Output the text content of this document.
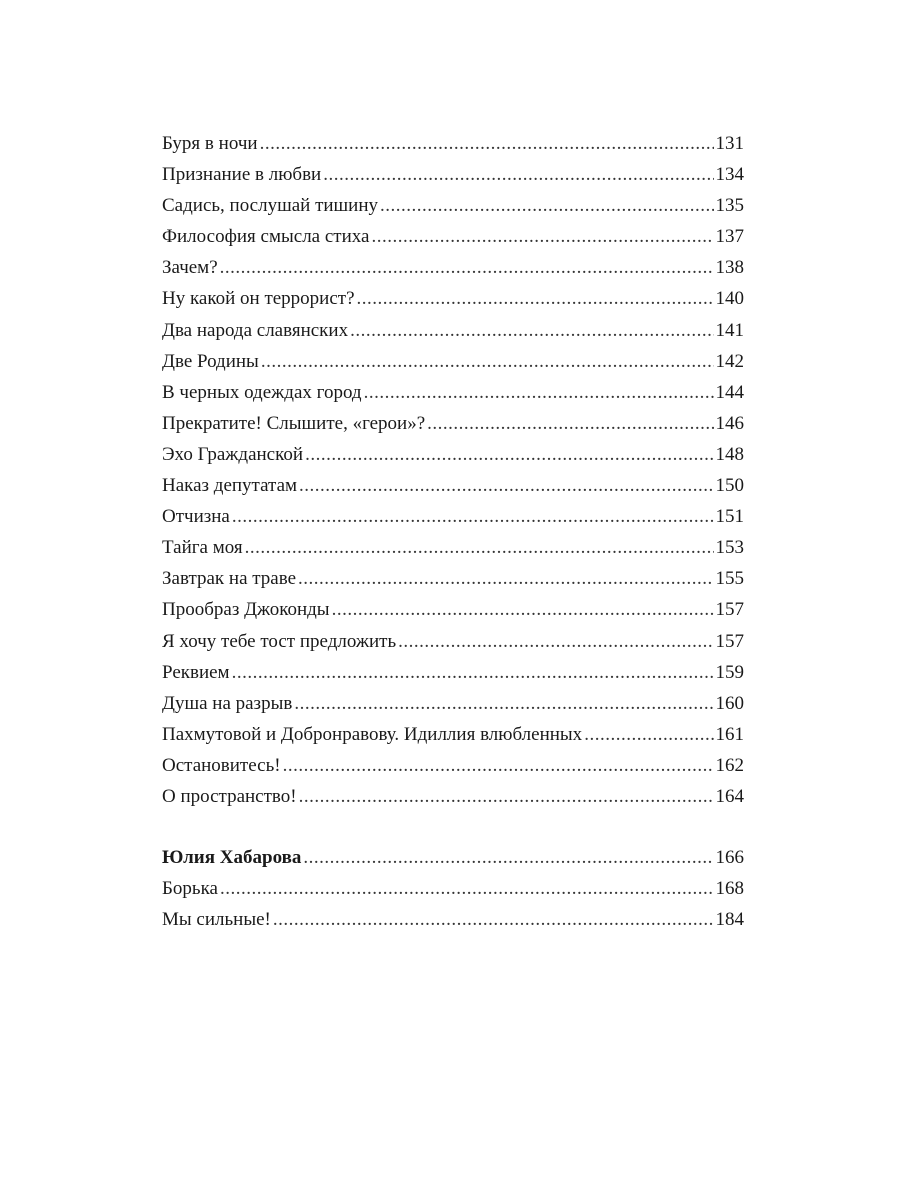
Буря в ночи .....	131
Признание в любви .....	134
Садись, послушай тишину .....	135
Философия смысла стиха .....	137
Зачем? .....	138
Ну какой он террорист? .....	140
Два народа славянских .....	141
Две Родины .....	142
В черных одеждах город .....	144
Прекратите! Слышите, «герои»? .....	146
Эхо Гражданской .....	148
Наказ депутатам .....	150
Отчизна .....	151
Тайга моя .....	153
Завтрак на траве .....	155
Прообраз Джоконды .....	157
Я хочу тебе тост предложить .....	157
Реквием .....	159
Душа на разрыв .....	160
Пахмутовой и Добронравову. Идиллия влюбленных .....	161
Остановитесь! .....	162
О пространство! .....	164
Юлия Хабарова .....	166
Борька .....	168
Мы сильные! .....	184
